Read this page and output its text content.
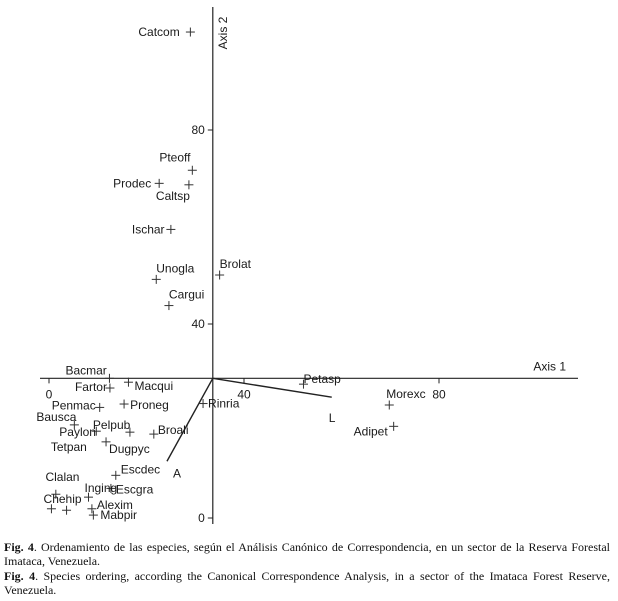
0	40	80
0
40
80
Axis 1
Axis 2
L
A
Catcom
Pteoff
Prodec
Caltsp
Ischar
Brolat
Unogla
Cargui
Petasp
Bacmar
Fartor Macqui
Morexc
Penmac	Proneg	Rinria
Bausca
Pelpub
Paylon	Broali	Adipet
Dugpyc
Escdec
Escgra
Inging
Tetpan
Clalan
Chehip Alexim
Mabpir

Fig. 4. Ordenamiento de las especies, según el Análisis Canónico de Correspondencia, en un sector de la Reserva Forestal Imataca, Venezuela.

Fig. 4. Species ordering, according the Canonical Correspondence Analysis, in a sector of the Imataca Forest Reserve, Venezuela.
